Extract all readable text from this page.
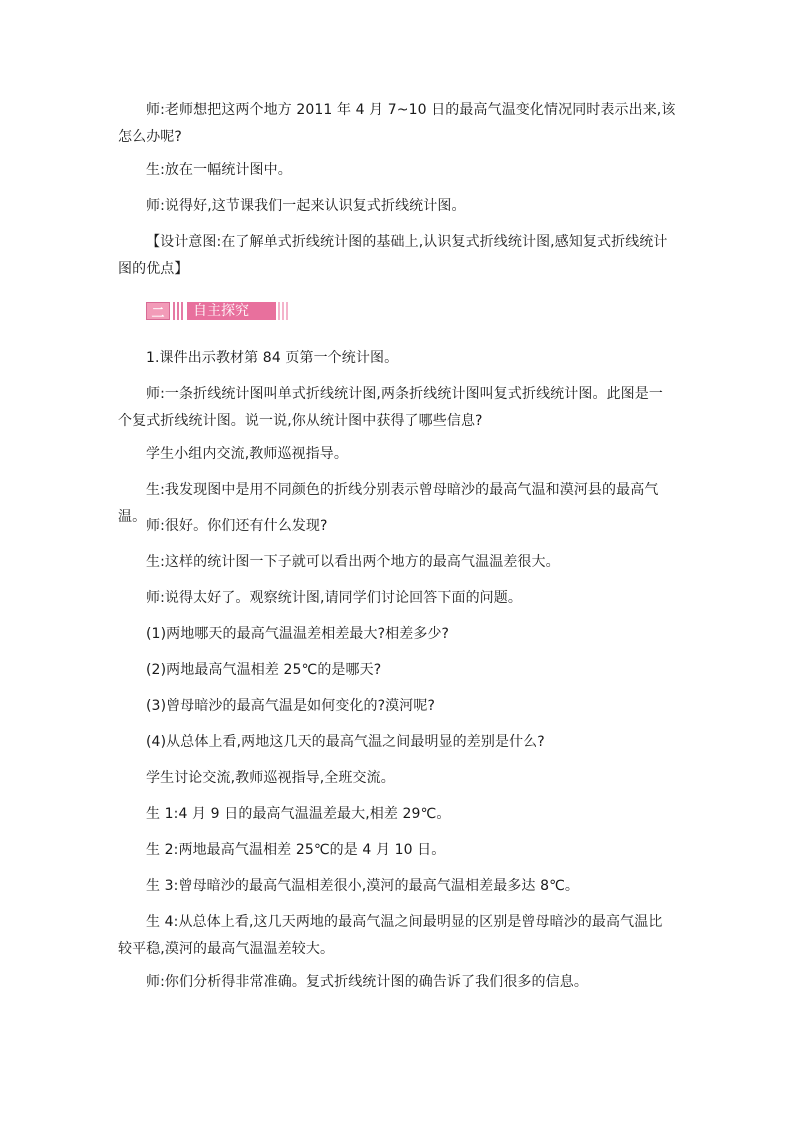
师:老师想把这两个地方 2011 年 4 月 7~10 日的最高气温变化情况同时表示出来,该怎么办呢?

生:放在一幅统计图中。

师:说得好,这节课我们一起来认识复式折线统计图。

【设计意图:在了解单式折线统计图的基础上,认识复式折线统计图,感知复式折线统计图的优点】

二	自主探究

1.课件出示教材第 84 页第一个统计图。

师:一条折线统计图叫单式折线统计图,两条折线统计图叫复式折线统计图。此图是一个复式折线统计图。说一说,你从统计图中获得了哪些信息?

学生小组内交流,教师巡视指导。

生:我发现图中是用不同颜色的折线分别表示曾母暗沙的最高气温和漠河县的最高气温。

师:很好。你们还有什么发现?

生:这样的统计图一下子就可以看出两个地方的最高气温温差很大。

师:说得太好了。观察统计图,请同学们讨论回答下面的问题。

(1)两地哪天的最高气温温差相差最大?相差多少?

(2)两地最高气温相差 25℃的是哪天?

(3)曾母暗沙的最高气温是如何变化的?漠河呢?

(4)从总体上看,两地这几天的最高气温之间最明显的差别是什么?

学生讨论交流,教师巡视指导,全班交流。

生 1:4 月 9 日的最高气温温差最大,相差 29℃。

生 2:两地最高气温相差 25℃的是 4 月 10 日。

生 3:曾母暗沙的最高气温相差很小,漠河的最高气温相差最多达 8℃。

生 4:从总体上看,这几天两地的最高气温之间最明显的区别是曾母暗沙的最高气温比较平稳,漠河的最高气温温差较大。

师:你们分析得非常准确。复式折线统计图的确告诉了我们很多的信息。
